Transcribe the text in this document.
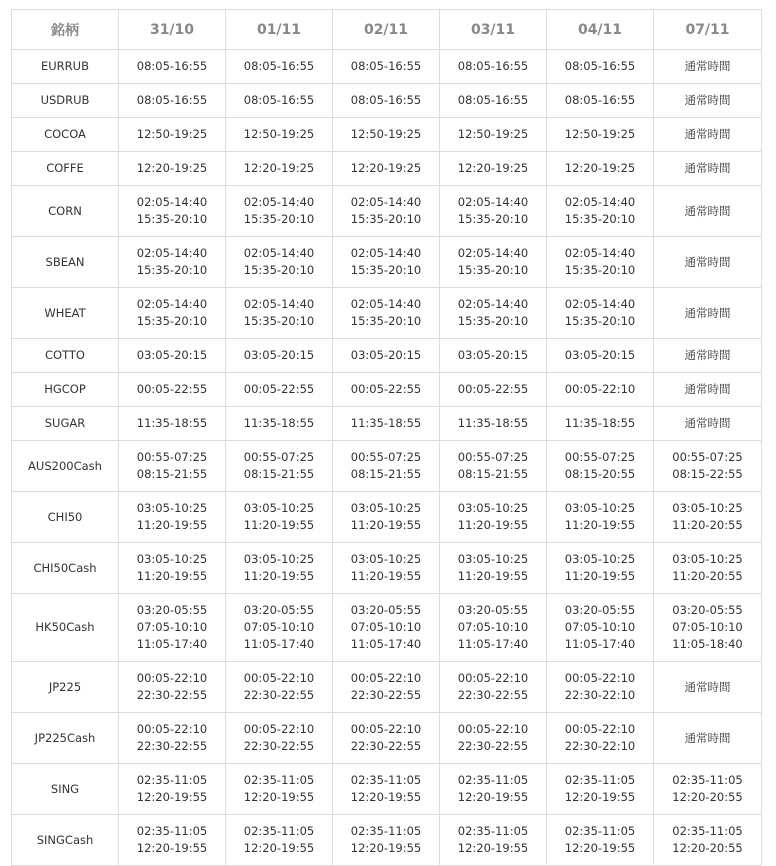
銘柄	31/10	01/11	02/11	03/11	04/11	07/11
EURRUB	08:05-16:55	08:05-16:55	08:05-16:55	08:05-16:55	08:05-16:55	通常時間

USDRUB	08:05-16:55	08:05-16:55	08:05-16:55	08:05-16:55	08:05-16:55	通常時間

COCOA	12:50-19:25	12:50-19:25	12:50-19:25	12:50-19:25	12:50-19:25	通常時間

COFFE	12:20-19:25	12:20-19:25	12:20-19:25	12:20-19:25	12:20-19:25	通常時間

CORN	02:05-14:40
15:35-20:10	02:05-14:40
15:35-20:10	02:05-14:40
15:35-20:10	02:05-14:40
15:35-20:10	02:05-14:40
15:35-20:10	通常時間

SBEAN	02:05-14:40
15:35-20:10	02:05-14:40
15:35-20:10	02:05-14:40
15:35-20:10	02:05-14:40
15:35-20:10	02:05-14:40
15:35-20:10	通常時間

WHEAT	02:05-14:40
15:35-20:10	02:05-14:40
15:35-20:10	02:05-14:40
15:35-20:10	02:05-14:40
15:35-20:10	02:05-14:40
15:35-20:10	通常時間

COTTO	03:05-20:15	03:05-20:15	03:05-20:15	03:05-20:15	03:05-20:15	通常時間

HGCOP	00:05-22:55	00:05-22:55	00:05-22:55	00:05-22:55	00:05-22:10	通常時間

SUGAR	11:35-18:55	11:35-18:55	11:35-18:55	11:35-18:55	11:35-18:55	通常時間

AUS200Cash	00:55-07:25
08:15-21:55	00:55-07:25
08:15-21:55	00:55-07:25
08:15-21:55	00:55-07:25
08:15-21:55	00:55-07:25
08:15-20:55	00:55-07:25
08:15-22:55

CHI50	03:05-10:25
11:20-19:55	03:05-10:25
11:20-19:55	03:05-10:25
11:20-19:55	03:05-10:25
11:20-19:55	03:05-10:25
11:20-19:55	03:05-10:25
11:20-20:55

CHI50Cash	03:05-10:25
11:20-19:55	03:05-10:25
11:20-19:55	03:05-10:25
11:20-19:55	03:05-10:25
11:20-19:55	03:05-10:25
11:20-19:55	03:05-10:25
11:20-20:55

HK50Cash	03:20-05:55
07:05-10:10
11:05-17:40	03:20-05:55
07:05-10:10
11:05-17:40	03:20-05:55
07:05-10:10
11:05-17:40	03:20-05:55
07:05-10:10
11:05-17:40	03:20-05:55
07:05-10:10
11:05-17:40	03:20-05:55
07:05-10:10
11:05-18:40

JP225	00:05-22:10
22:30-22:55	00:05-22:10
22:30-22:55	00:05-22:10
22:30-22:55	00:05-22:10
22:30-22:55	00:05-22:10
22:30-22:10	通常時間

JP225Cash	00:05-22:10
22:30-22:55	00:05-22:10
22:30-22:55	00:05-22:10
22:30-22:55	00:05-22:10
22:30-22:55	00:05-22:10
22:30-22:10	通常時間

SING	02:35-11:05
12:20-19:55	02:35-11:05
12:20-19:55	02:35-11:05
12:20-19:55	02:35-11:05
12:20-19:55	02:35-11:05
12:20-19:55	02:35-11:05
12:20-20:55

SINGCash	02:35-11:05
12:20-19:55	02:35-11:05
12:20-19:55	02:35-11:05
12:20-19:55	02:35-11:05
12:20-19:55	02:35-11:05
12:20-19:55	02:35-11:05
12:20-20:55
